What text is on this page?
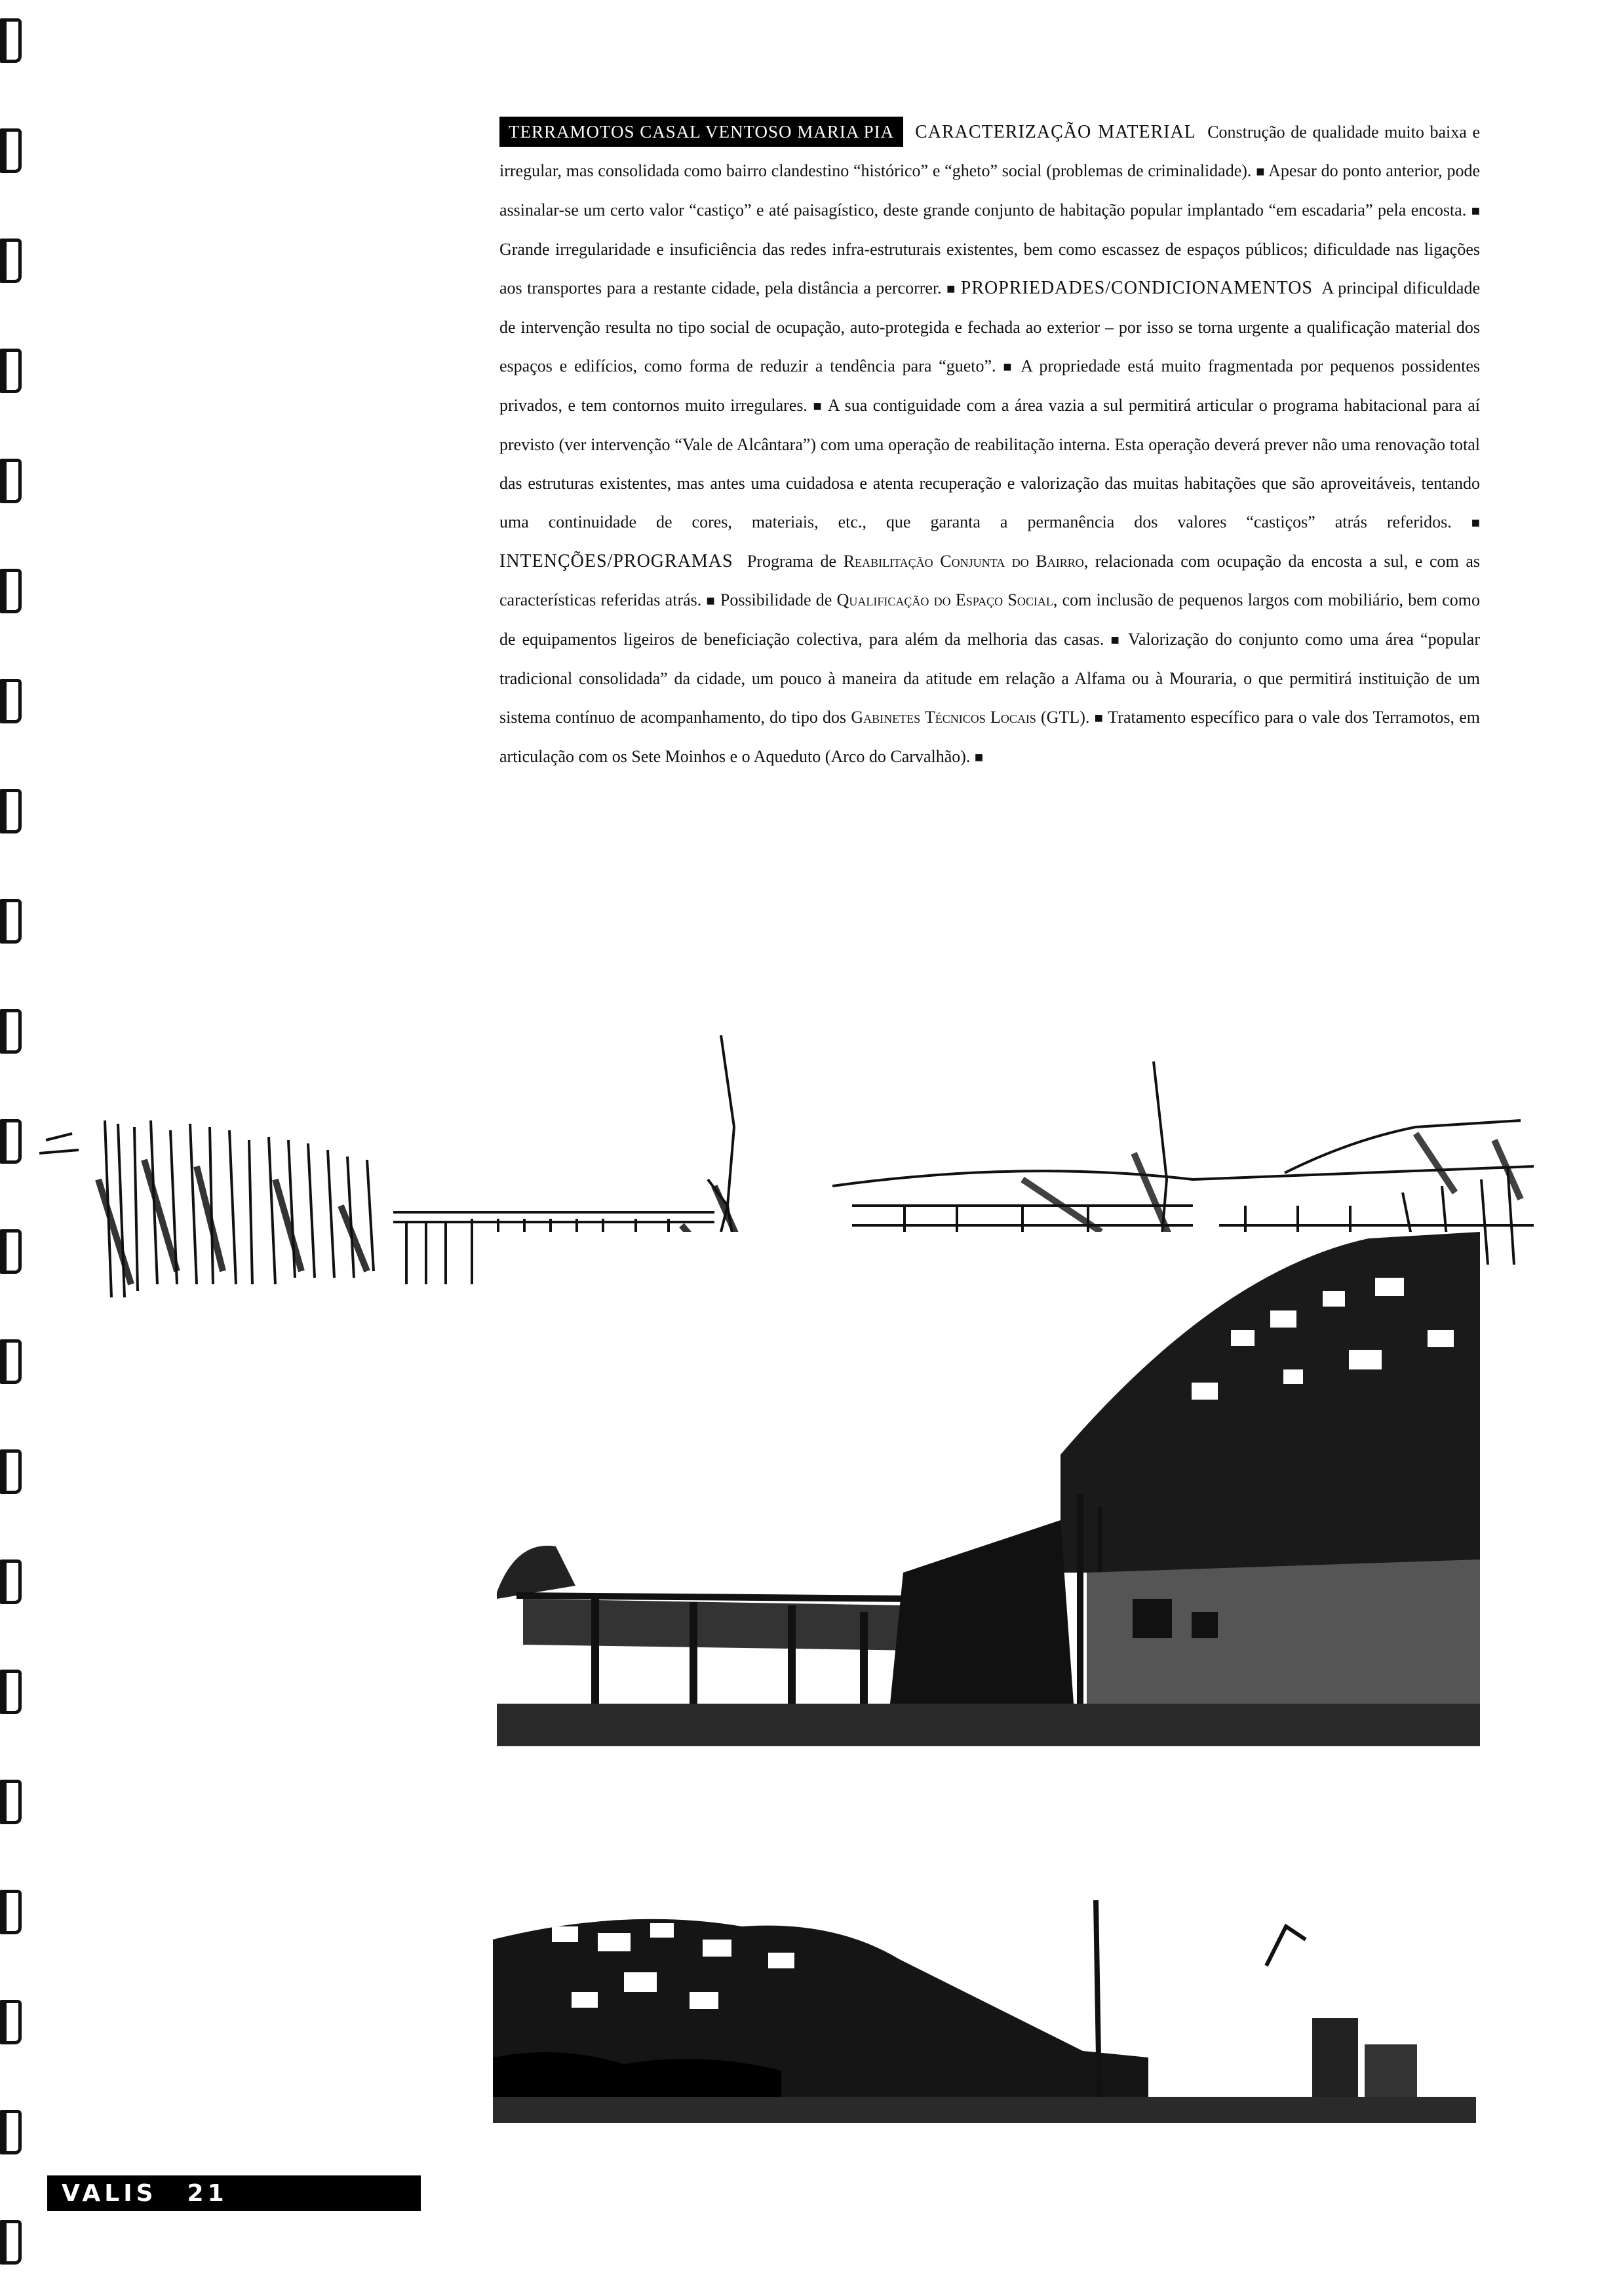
TERRAMOTOS CASAL VENTOSO MARIA PIA CARACTERIZAÇÃO MATERIAL Construção de qualidade muito baixa e irregular, mas consolidada como bairro clandestino “histórico” e “gheto” social (problemas de criminalidade). ■ Apesar do ponto anterior, pode assinalar-se um certo valor “castiço” e até paisagístico, deste grande conjunto de habitação popular implantado “em escadaria” pela encosta. ■ Grande irregularidade e insuficiência das redes infra-estruturais existentes, bem como escassez de espaços públicos; dificuldade nas ligações aos transportes para a restante cidade, pela distância a percorrer. ■ PROPRIEDADES/CONDICIONAMENTOS A principal dificuldade de intervenção resulta no tipo social de ocupação, auto-protegida e fechada ao exterior – por isso se torna urgente a qualificação material dos espaços e edifícios, como forma de reduzir a tendência para “gueto”. ■ A propriedade está muito fragmentada por pequenos possidentes privados, e tem contornos muito irregulares. ■ A sua contiguidade com a área vazia a sul permitirá articular o programa habitacional para aí previsto (ver intervenção “Vale de Alcântara”) com uma operação de reabilitação interna. Esta operação deverá prever não uma renovação total das estruturas existentes, mas antes uma cuidadosa e atenta recuperação e valorização das muitas habitações que são aproveitáveis, tentando uma continuidade de cores, materiais, etc., que garanta a permanência dos valores “castiços” atrás referidos. ■ INTENÇÕES/PROGRAMAS Programa de Reabilitação Conjunta do Bairro, relacionada com ocupação da encosta a sul, e com as características referidas atrás. ■ Possibilidade de Qualificação do Espaço Social, com inclusão de pequenos largos com mobiliário, bem como de equipamentos ligeiros de beneficiação colectiva, para além da melhoria das casas. ■ Valorização do conjunto como uma área “popular tradicional consolidada” da cidade, um pouco à maneira da atitude em relação a Alfama ou à Mouraria, o que permitirá instituição de um sistema contínuo de acompanhamento, do tipo dos Gabinetes Técnicos Locais (GTL). ■ Tratamento específico para o vale dos Terramotos, em articulação com os Sete Moinhos e o Aqueduto (Arco do Carvalhão). ■
VALIS 21
